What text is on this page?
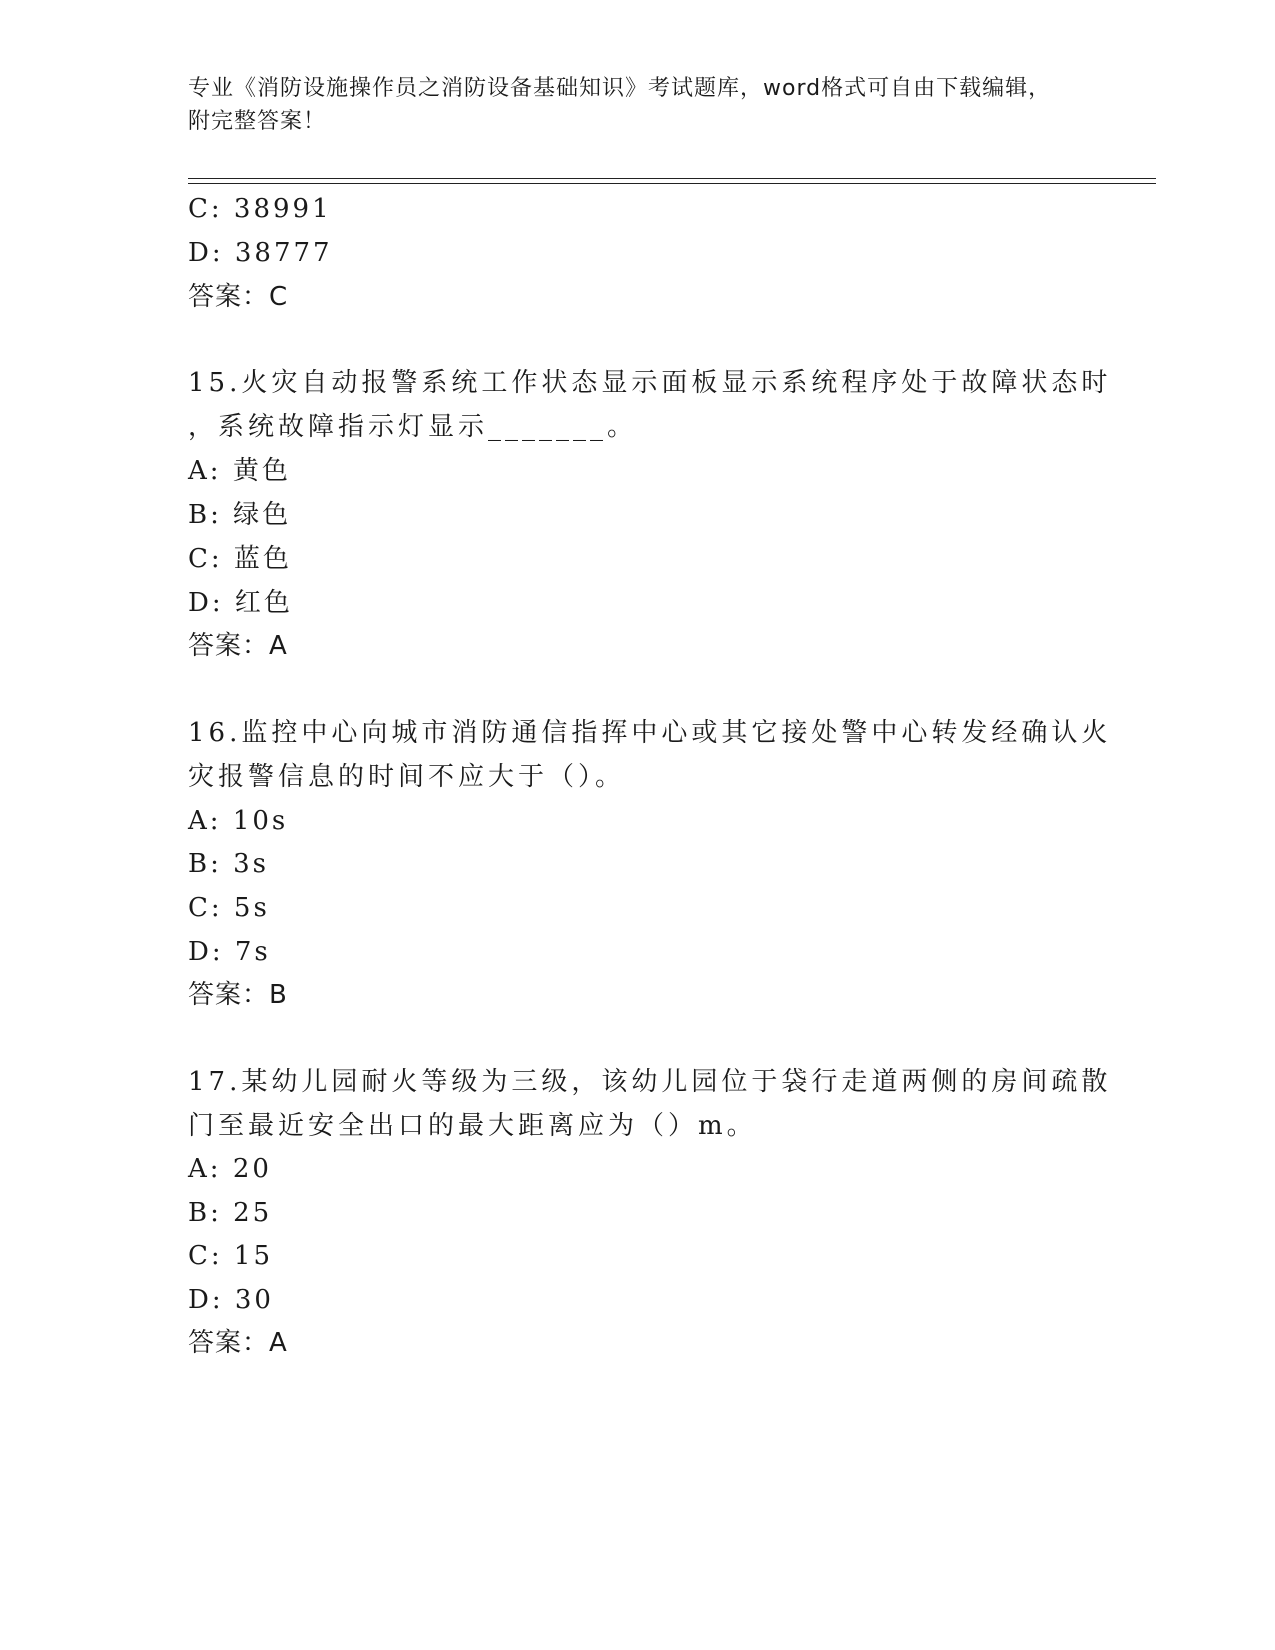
专业《消防设施操作员之消防设备基础知识》考试题库，word格式可自由下载编辑，附完整答案！
C: 38991
D: 38777
答案：C
15.火灾自动报警系统工作状态显示面板显示系统程序处于故障状态时
，系统故障指示灯显示_______。
A: 黄色
B: 绿色
C: 蓝色
D: 红色
答案：A
16.监控中心向城市消防通信指挥中心或其它接处警中心转发经确认火
灾报警信息的时间不应大于（）。
A: 10s
B: 3s
C: 5s
D: 7s
答案：B
17.某幼儿园耐火等级为三级，该幼儿园位于袋行走道两侧的房间疏散
门至最近安全出口的最大距离应为（）m。
A: 20
B: 25
C: 15
D: 30
答案：A
